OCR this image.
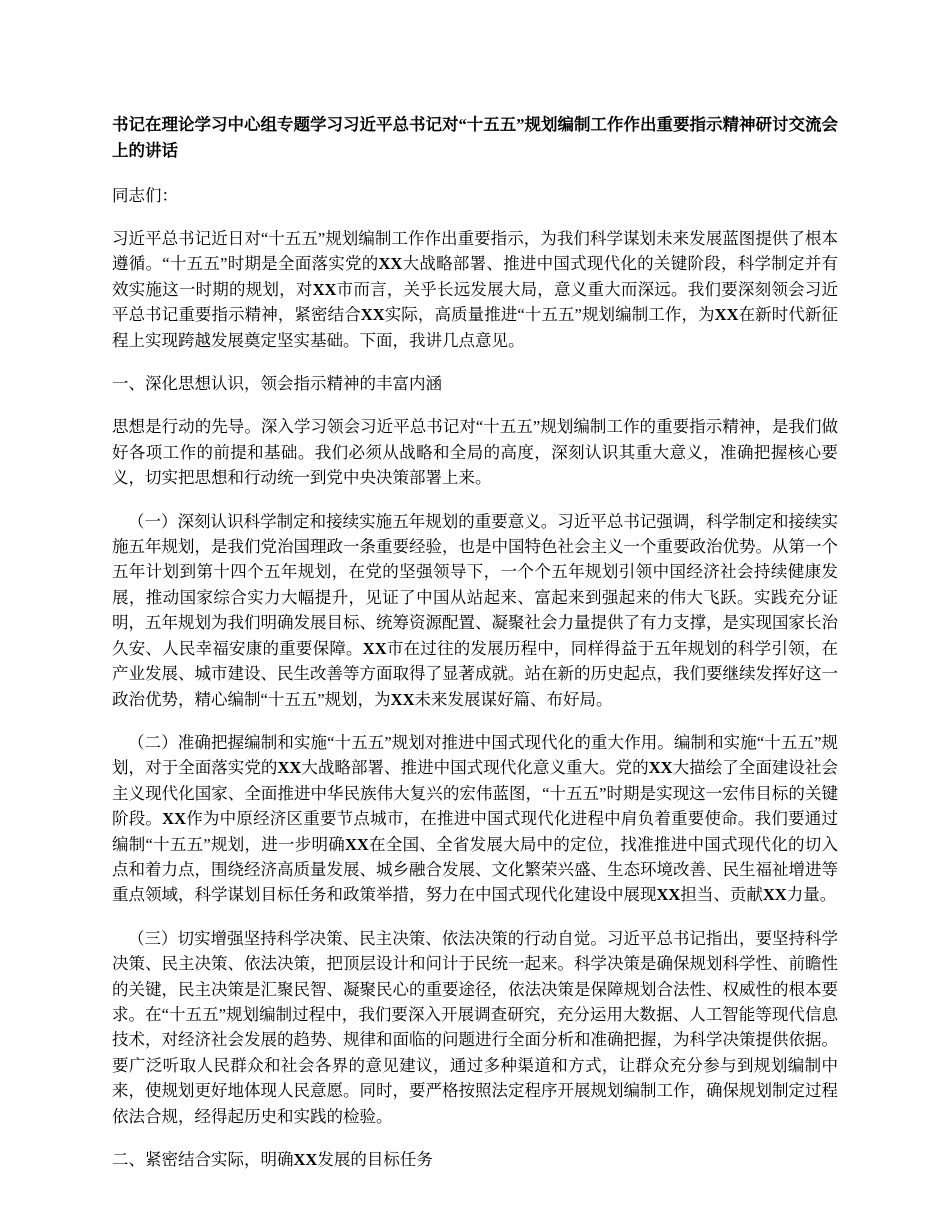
书记在理论学习中心组专题学习习近平总书记对“十五五”规划编制工作作出重要指示精神研讨交流会上的讲话

同志们：

习近平总书记近日对“十五五”规划编制工作作出重要指示，为我们科学谋划未来发展蓝图提供了根本遵循。“十五五”时期是全面落实党的XX大战略部署、推进中国式现代化的关键阶段，科学制定并有效实施这一时期的规划，对XX市而言，关乎长远发展大局，意义重大而深远。我们要深刻领会习近平总书记重要指示精神，紧密结合XX实际，高质量推进“十五五”规划编制工作，为XX在新时代新征程上实现跨越发展奠定坚实基础。下面，我讲几点意见。

一、深化思想认识，领会指示精神的丰富内涵

思想是行动的先导。深入学习领会习近平总书记对“十五五”规划编制工作的重要指示精神，是我们做好各项工作的前提和基础。我们必须从战略和全局的高度，深刻认识其重大意义，准确把握核心要义，切实把思想和行动统一到党中央决策部署上来。

（一）深刻认识科学制定和接续实施五年规划的重要意义。习近平总书记强调，科学制定和接续实施五年规划，是我们党治国理政一条重要经验，也是中国特色社会主义一个重要政治优势。从第一个五年计划到第十四个五年规划，在党的坚强领导下，一个个五年规划引领中国经济社会持续健康发展，推动国家综合实力大幅提升，见证了中国从站起来、富起来到强起来的伟大飞跃。实践充分证明，五年规划为我们明确发展目标、统筹资源配置、凝聚社会力量提供了有力支撑，是实现国家长治久安、人民幸福安康的重要保障。XX市在过往的发展历程中，同样得益于五年规划的科学引领，在产业发展、城市建设、民生改善等方面取得了显著成就。站在新的历史起点，我们要继续发挥好这一政治优势，精心编制“十五五”规划，为XX未来发展谋好篇、布好局。

（二）准确把握编制和实施“十五五”规划对推进中国式现代化的重大作用。编制和实施“十五五”规划，对于全面落实党的XX大战略部署、推进中国式现代化意义重大。党的XX大描绘了全面建设社会主义现代化国家、全面推进中华民族伟大复兴的宏伟蓝图，“十五五”时期是实现这一宏伟目标的关键阶段。XX作为中原经济区重要节点城市，在推进中国式现代化进程中肩负着重要使命。我们要通过编制“十五五”规划，进一步明确XX在全国、全省发展大局中的定位，找准推进中国式现代化的切入点和着力点，围绕经济高质量发展、城乡融合发展、文化繁荣兴盛、生态环境改善、民生福祉增进等重点领域，科学谋划目标任务和政策举措，努力在中国式现代化建设中展现XX担当、贡献XX力量。

（三）切实增强坚持科学决策、民主决策、依法决策的行动自觉。习近平总书记指出，要坚持科学决策、民主决策、依法决策，把顶层设计和问计于民统一起来。科学决策是确保规划科学性、前瞻性的关键，民主决策是汇聚民智、凝聚民心的重要途径，依法决策是保障规划合法性、权威性的根本要求。在“十五五”规划编制过程中，我们要深入开展调查研究，充分运用大数据、人工智能等现代信息技术，对经济社会发展的趋势、规律和面临的问题进行全面分析和准确把握，为科学决策提供依据。要广泛听取人民群众和社会各界的意见建议，通过多种渠道和方式，让群众充分参与到规划编制中来，使规划更好地体现人民意愿。同时，要严格按照法定程序开展规划编制工作，确保规划制定过程依法合规，经得起历史和实践的检验。

二、紧密结合实际，明确XX发展的目标任务
